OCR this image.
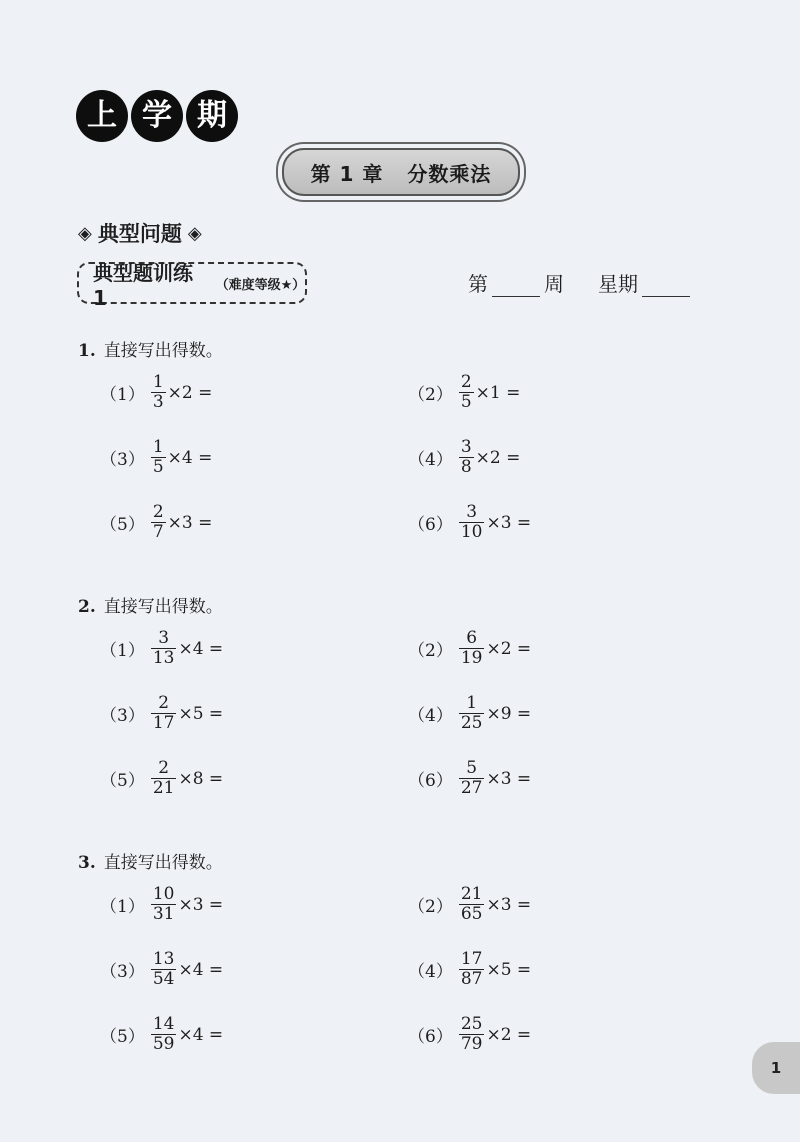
上 学 期
第 1 章 分数乘法
◈ 典型问题 ◈
典型题训练 1
（难度等级★）	第	周 星期
1. 直接写出得数。
$(1) \frac{1}{3} \times 2$ =	$(2) \frac{2}{5} \times 1$ =
$(3) \frac{1}{5} \times 4$ =	$(4) \frac{3}{8} \times 2$ =
$(5) \frac{2}{7} \times 3$ =	$(6) \frac{3}{10} \times 3$ =
2. 直接写出得数。
$(1) \frac{3}{13} \times 4$ =	$(2) \frac{6}{19} \times 2$ =
$(3) \frac{2}{17} \times 5$ =	$(4) \frac{1}{25} \times 9$ =
$(5) \frac{2}{21} \times 8$ =	$(6) \frac{5}{27} \times 3$ =
3. 直接写出得数。
$(1) \frac{10}{31} \times 3$ =	$(2) \frac{21}{65} \times 3$ =
$(3) \frac{13}{54} \times 4$ =	$(4) \frac{17}{87} \times 5$ =
$(5) \frac{14}{59} \times 4$ =	$(6) \frac{25}{79} \times 2$ =
1
